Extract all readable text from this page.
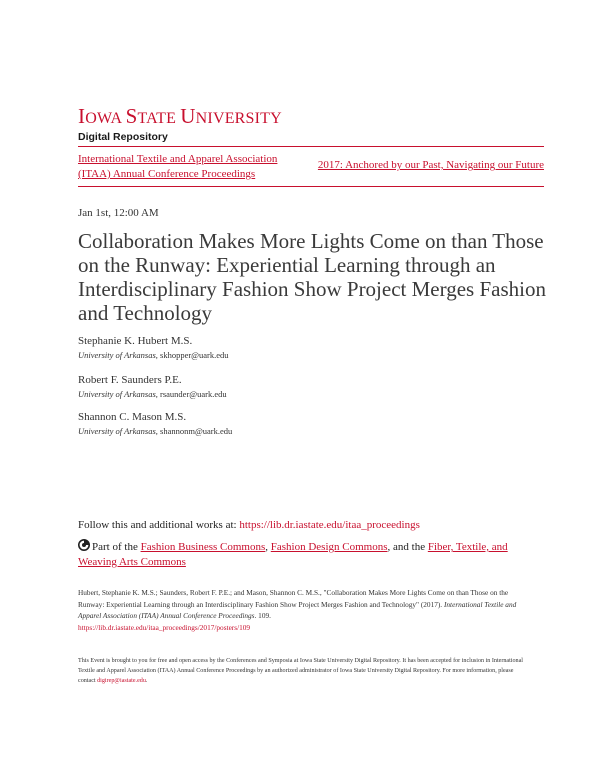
IOWA STATE UNIVERSITY
Digital Repository
International Textile and Apparel Association (ITAA) Annual Conference Proceedings
2017: Anchored by our Past, Navigating our Future
Jan 1st, 12:00 AM
Collaboration Makes More Lights Come on than Those on the Runway: Experiential Learning through an Interdisciplinary Fashion Show Project Merges Fashion and Technology
Stephanie K. Hubert M.S.
University of Arkansas, skhopper@uark.edu
Robert F. Saunders P.E.
University of Arkansas, rsaunder@uark.edu
Shannon C. Mason M.S.
University of Arkansas, shannonm@uark.edu
Follow this and additional works at: https://lib.dr.iastate.edu/itaa_proceedings
Part of the Fashion Business Commons, Fashion Design Commons, and the Fiber, Textile, and Weaving Arts Commons
Hubert, Stephanie K. M.S.; Saunders, Robert F. P.E.; and Mason, Shannon C. M.S., "Collaboration Makes More Lights Come on than Those on the Runway: Experiential Learning through an Interdisciplinary Fashion Show Project Merges Fashion and Technology" (2017). International Textile and Apparel Association (ITAA) Annual Conference Proceedings. 109.
https://lib.dr.iastate.edu/itaa_proceedings/2017/posters/109
This Event is brought to you for free and open access by the Conferences and Symposia at Iowa State University Digital Repository. It has been accepted for inclusion in International Textile and Apparel Association (ITAA) Annual Conference Proceedings by an authorized administrator of Iowa State University Digital Repository. For more information, please contact digirep@iastate.edu.
